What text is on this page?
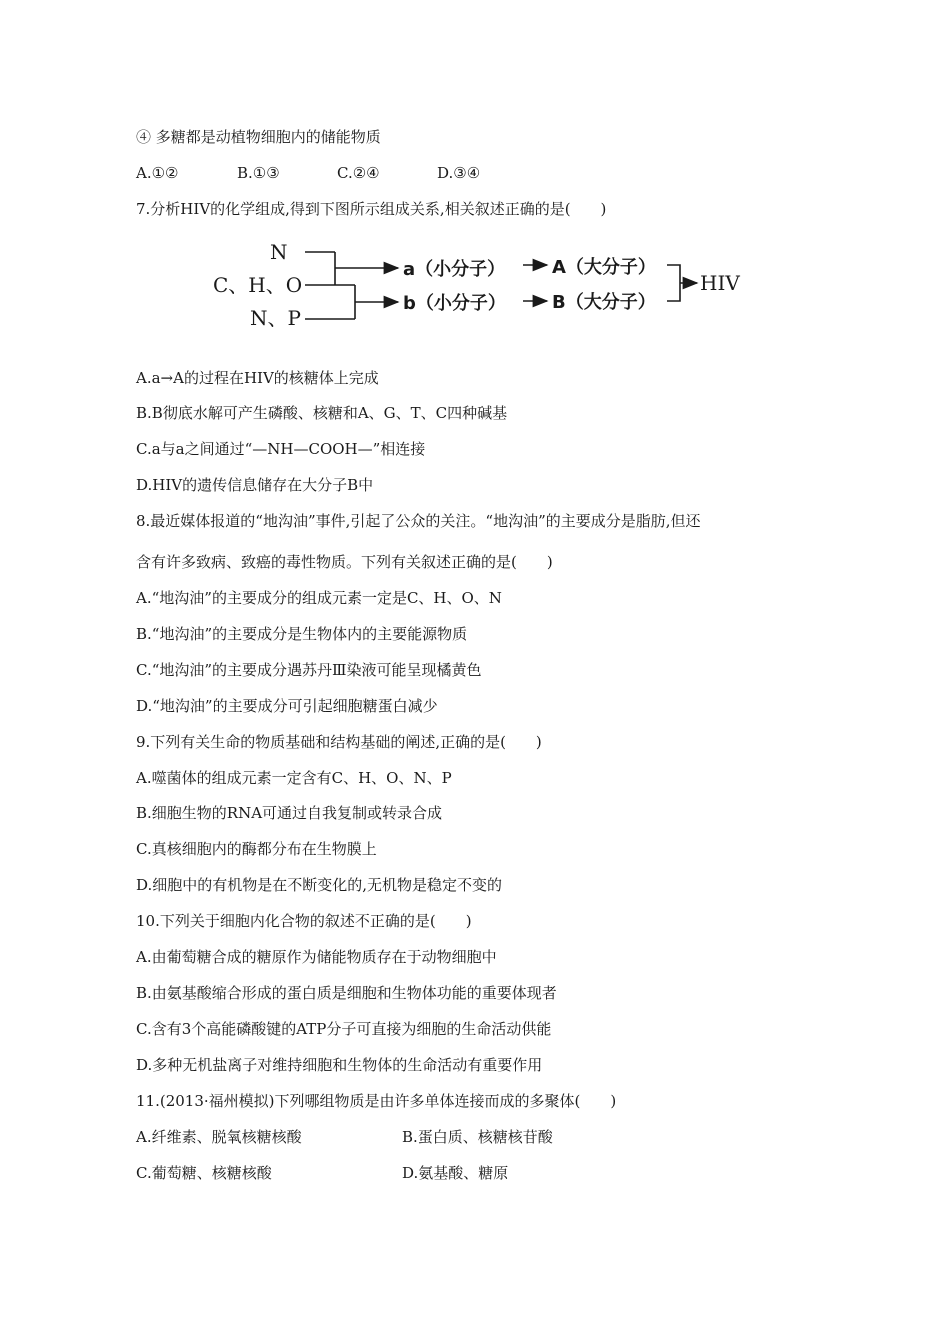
④ 多糖都是动植物细胞内的储能物质
A.①②	B.①③	C.②④	D.③④
7.分析HIV的化学组成,得到下图所示组成关系,相关叙述正确的是(　　)
N
C、H、O
N、P
a（小分子）	A（大分子）
b（小分子）	B（大分子）
HIV
A.a→A的过程在HIV的核糖体上完成
B.B彻底水解可产生磷酸、核糖和A、G、T、C四种碱基
C.a与a之间通过“—NH—COOH—”相连接
D.HIV的遗传信息储存在大分子B中
8.最近媒体报道的“地沟油”事件,引起了公众的关注。“地沟油”的主要成分是脂肪,但还
含有许多致病、致癌的毒性物质。下列有关叙述正确的是(　　)
A.“地沟油”的主要成分的组成元素一定是C、H、O、N
B.“地沟油”的主要成分是生物体内的主要能源物质
C.“地沟油”的主要成分遇苏丹Ⅲ染液可能呈现橘黄色
D.“地沟油”的主要成分可引起细胞糖蛋白减少
9.下列有关生命的物质基础和结构基础的阐述,正确的是(　　)
A.噬菌体的组成元素一定含有C、H、O、N、P
B.细胞生物的RNA可通过自我复制或转录合成
C.真核细胞内的酶都分布在生物膜上
D.细胞中的有机物是在不断变化的,无机物是稳定不变的
10.下列关于细胞内化合物的叙述不正确的是(　　)
A.由葡萄糖合成的糖原作为储能物质存在于动物细胞中
B.由氨基酸缩合形成的蛋白质是细胞和生物体功能的重要体现者
C.含有3个高能磷酸键的ATP分子可直接为细胞的生命活动供能
D.多种无机盐离子对维持细胞和生物体的生命活动有重要作用
11.(2013·福州模拟)下列哪组物质是由许多单体连接而成的多聚体(　　)
A.纤维素、脱氧核糖核酸	B.蛋白质、核糖核苷酸
C.葡萄糖、核糖核酸	D.氨基酸、糖原
